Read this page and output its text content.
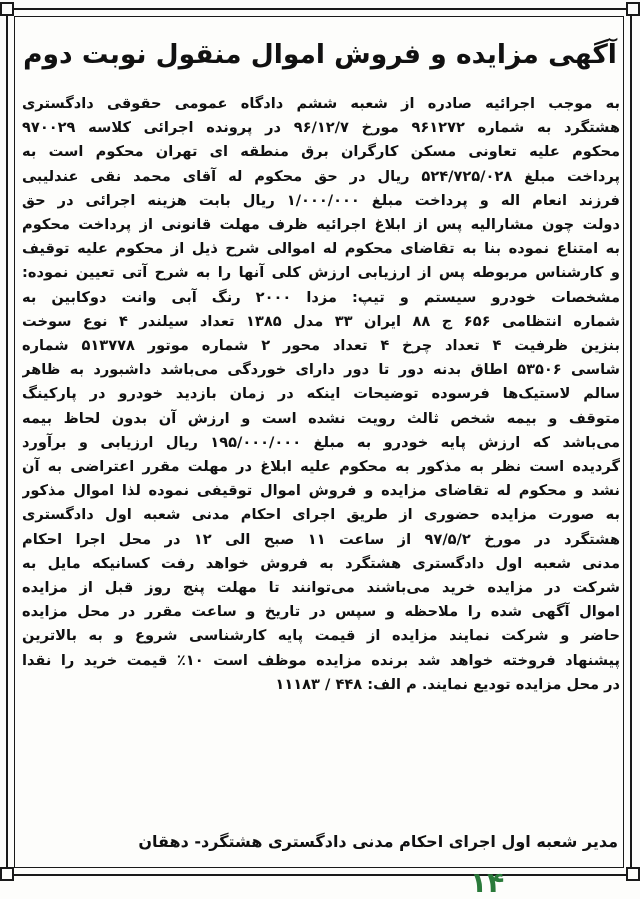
آگهی مزایده و فروش اموال منقول نوبت دوم
به موجب اجرائیه صادره از شعبه ششم دادگاه عمومی حقوقی دادگستری
هشتگرد به شماره ۹۶۱۲۷۲ مورخ ۹۶/۱۲/۷ در پرونده اجرائی کلاسه ۹۷۰۰۲۹
محکوم علیه تعاونی مسکن کارگران برق منطقه ای تهران محکوم است به
پرداخت مبلغ ۵۲۴/۷۲۵/۰۲۸ ریال در حق محکوم له آقای محمد نقی عندلیبی
فرزند انعام اله و پرداخت مبلغ ۱/۰۰۰/۰۰۰ ریال بابت هزینه اجرائی در حق
دولت چون مشارالیه پس از ابلاغ اجرائیه ظرف مهلت قانونی از پرداخت محکوم
به امتناع نموده بنا به تقاضای محکوم له اموالی شرح ذیل از محکوم علیه توقیف
و کارشناس مربوطه پس از ارزیابی ارزش کلی آنها را به شرح آتی تعیین نموده:
مشخصات خودرو سیستم و تیپ: مزدا ۲۰۰۰ رنگ آبی وانت دوکابین به
شماره انتظامی ۶۵۶ ج ۸۸ ایران ۳۳ مدل ۱۳۸۵ تعداد سیلندر ۴ نوع سوخت
بنزین ظرفیت ۴ تعداد چرخ ۴ تعداد محور ۲ شماره موتور ۵۱۳۷۷۸ شماره
شاسی ۵۳۵۰۶ اطاق بدنه دور تا دور دارای خوردگی می‌باشد داشبورد به ظاهر
سالم لاستیک‌ها فرسوده توضیحات اینکه در زمان بازدید خودرو در پارکینگ
متوقف و بیمه شخص ثالث رویت نشده است و ارزش آن بدون لحاظ بیمه
می‌باشد که ارزش پایه خودرو به مبلغ ۱۹۵/۰۰۰/۰۰۰ ریال ارزیابی و برآورد
گردیده است نظر به مذکور به محکوم علیه ابلاغ در مهلت مقرر اعتراضی به آن
نشد و محکوم له تقاضای مزایده و فروش اموال توقیفی نموده لذا اموال مذکور
به صورت مزایده حضوری از طریق اجرای احکام مدنی شعبه اول دادگستری
هشتگرد در مورخ ۹۷/۵/۲ از ساعت ۱۱ صبح الی ۱۲ در محل اجرا احکام
مدنی شعبه اول دادگستری هشتگرد به فروش خواهد رفت کسانیکه مایل به
شرکت در مزایده خرید می‌باشند می‌توانند تا مهلت پنج روز قبل از مزایده
اموال آگهی شده را ملاحظه و سپس در تاریخ و ساعت مقرر در محل مزایده
حاضر و شرکت نمایند مزایده از قیمت پایه کارشناسی شروع و به بالاترین
پیشنهاد فروخته خواهد شد برنده مزایده موظف است ۱۰٪ قیمت خرید را نقدا
در محل مزایده تودیع نمایند. م الف: ۴۴۸ / ۱۱۱۸۳
مدیر شعبه اول اجرای احکام مدنی دادگستری هشتگرد- دهقان
۱۴
